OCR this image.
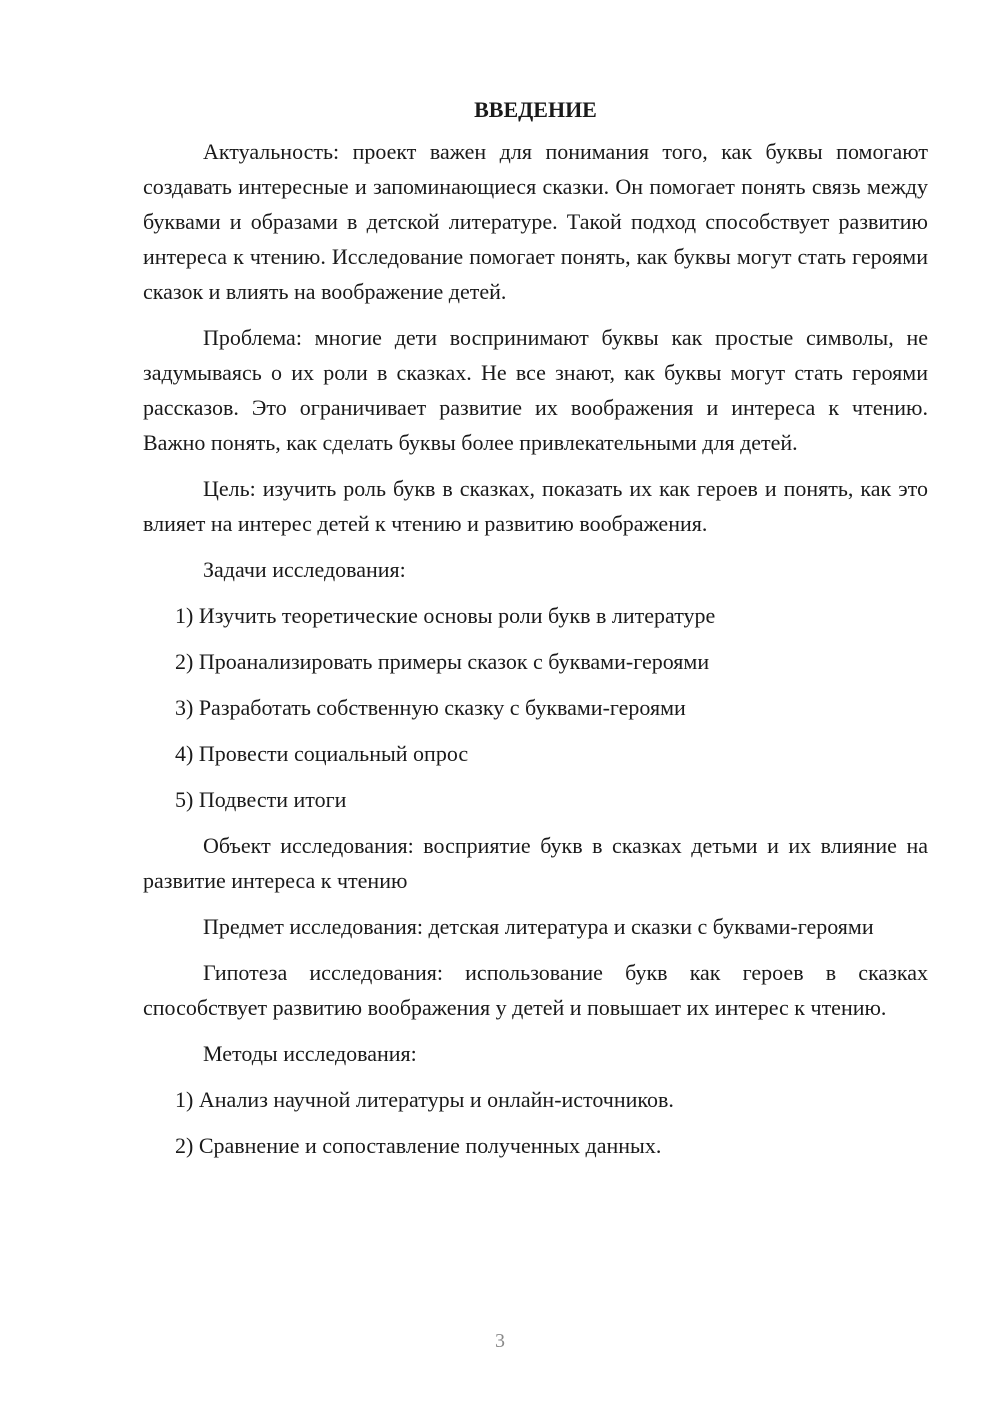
ВВЕДЕНИЕ

Актуальность: проект важен для понимания того, как буквы помогают создавать интересные и запоминающиеся сказки. Он помогает понять связь между буквами и образами в детской литературе. Такой подход способствует развитию интереса к чтению. Исследование помогает понять, как буквы могут стать героями сказок и влиять на воображение детей.

Проблема: многие дети воспринимают буквы как простые символы, не задумываясь о их роли в сказках. Не все знают, как буквы могут стать героями рассказов. Это ограничивает развитие их воображения и интереса к чтению. Важно понять, как сделать буквы более привлекательными для детей.

Цель: изучить роль букв в сказках, показать их как героев и понять, как это влияет на интерес детей к чтению и развитию воображения.

Задачи исследования:

1) Изучить теоретические основы роли букв в литературе
2) Проанализировать примеры сказок с буквами-героями
3) Разработать собственную сказку с буквами-героями
4) Провести социальный опрос
5) Подвести итоги

Объект исследования: восприятие букв в сказках детьми и их влияние на развитие интереса к чтению

Предмет исследования: детская литература и сказки с буквами-героями

Гипотеза исследования: использование букв как героев в сказках способствует развитию воображения у детей и повышает их интерес к чтению.

Методы исследования:

1) Анализ научной литературы и онлайн-источников.
2) Сравнение и сопоставление полученных данных.
3
